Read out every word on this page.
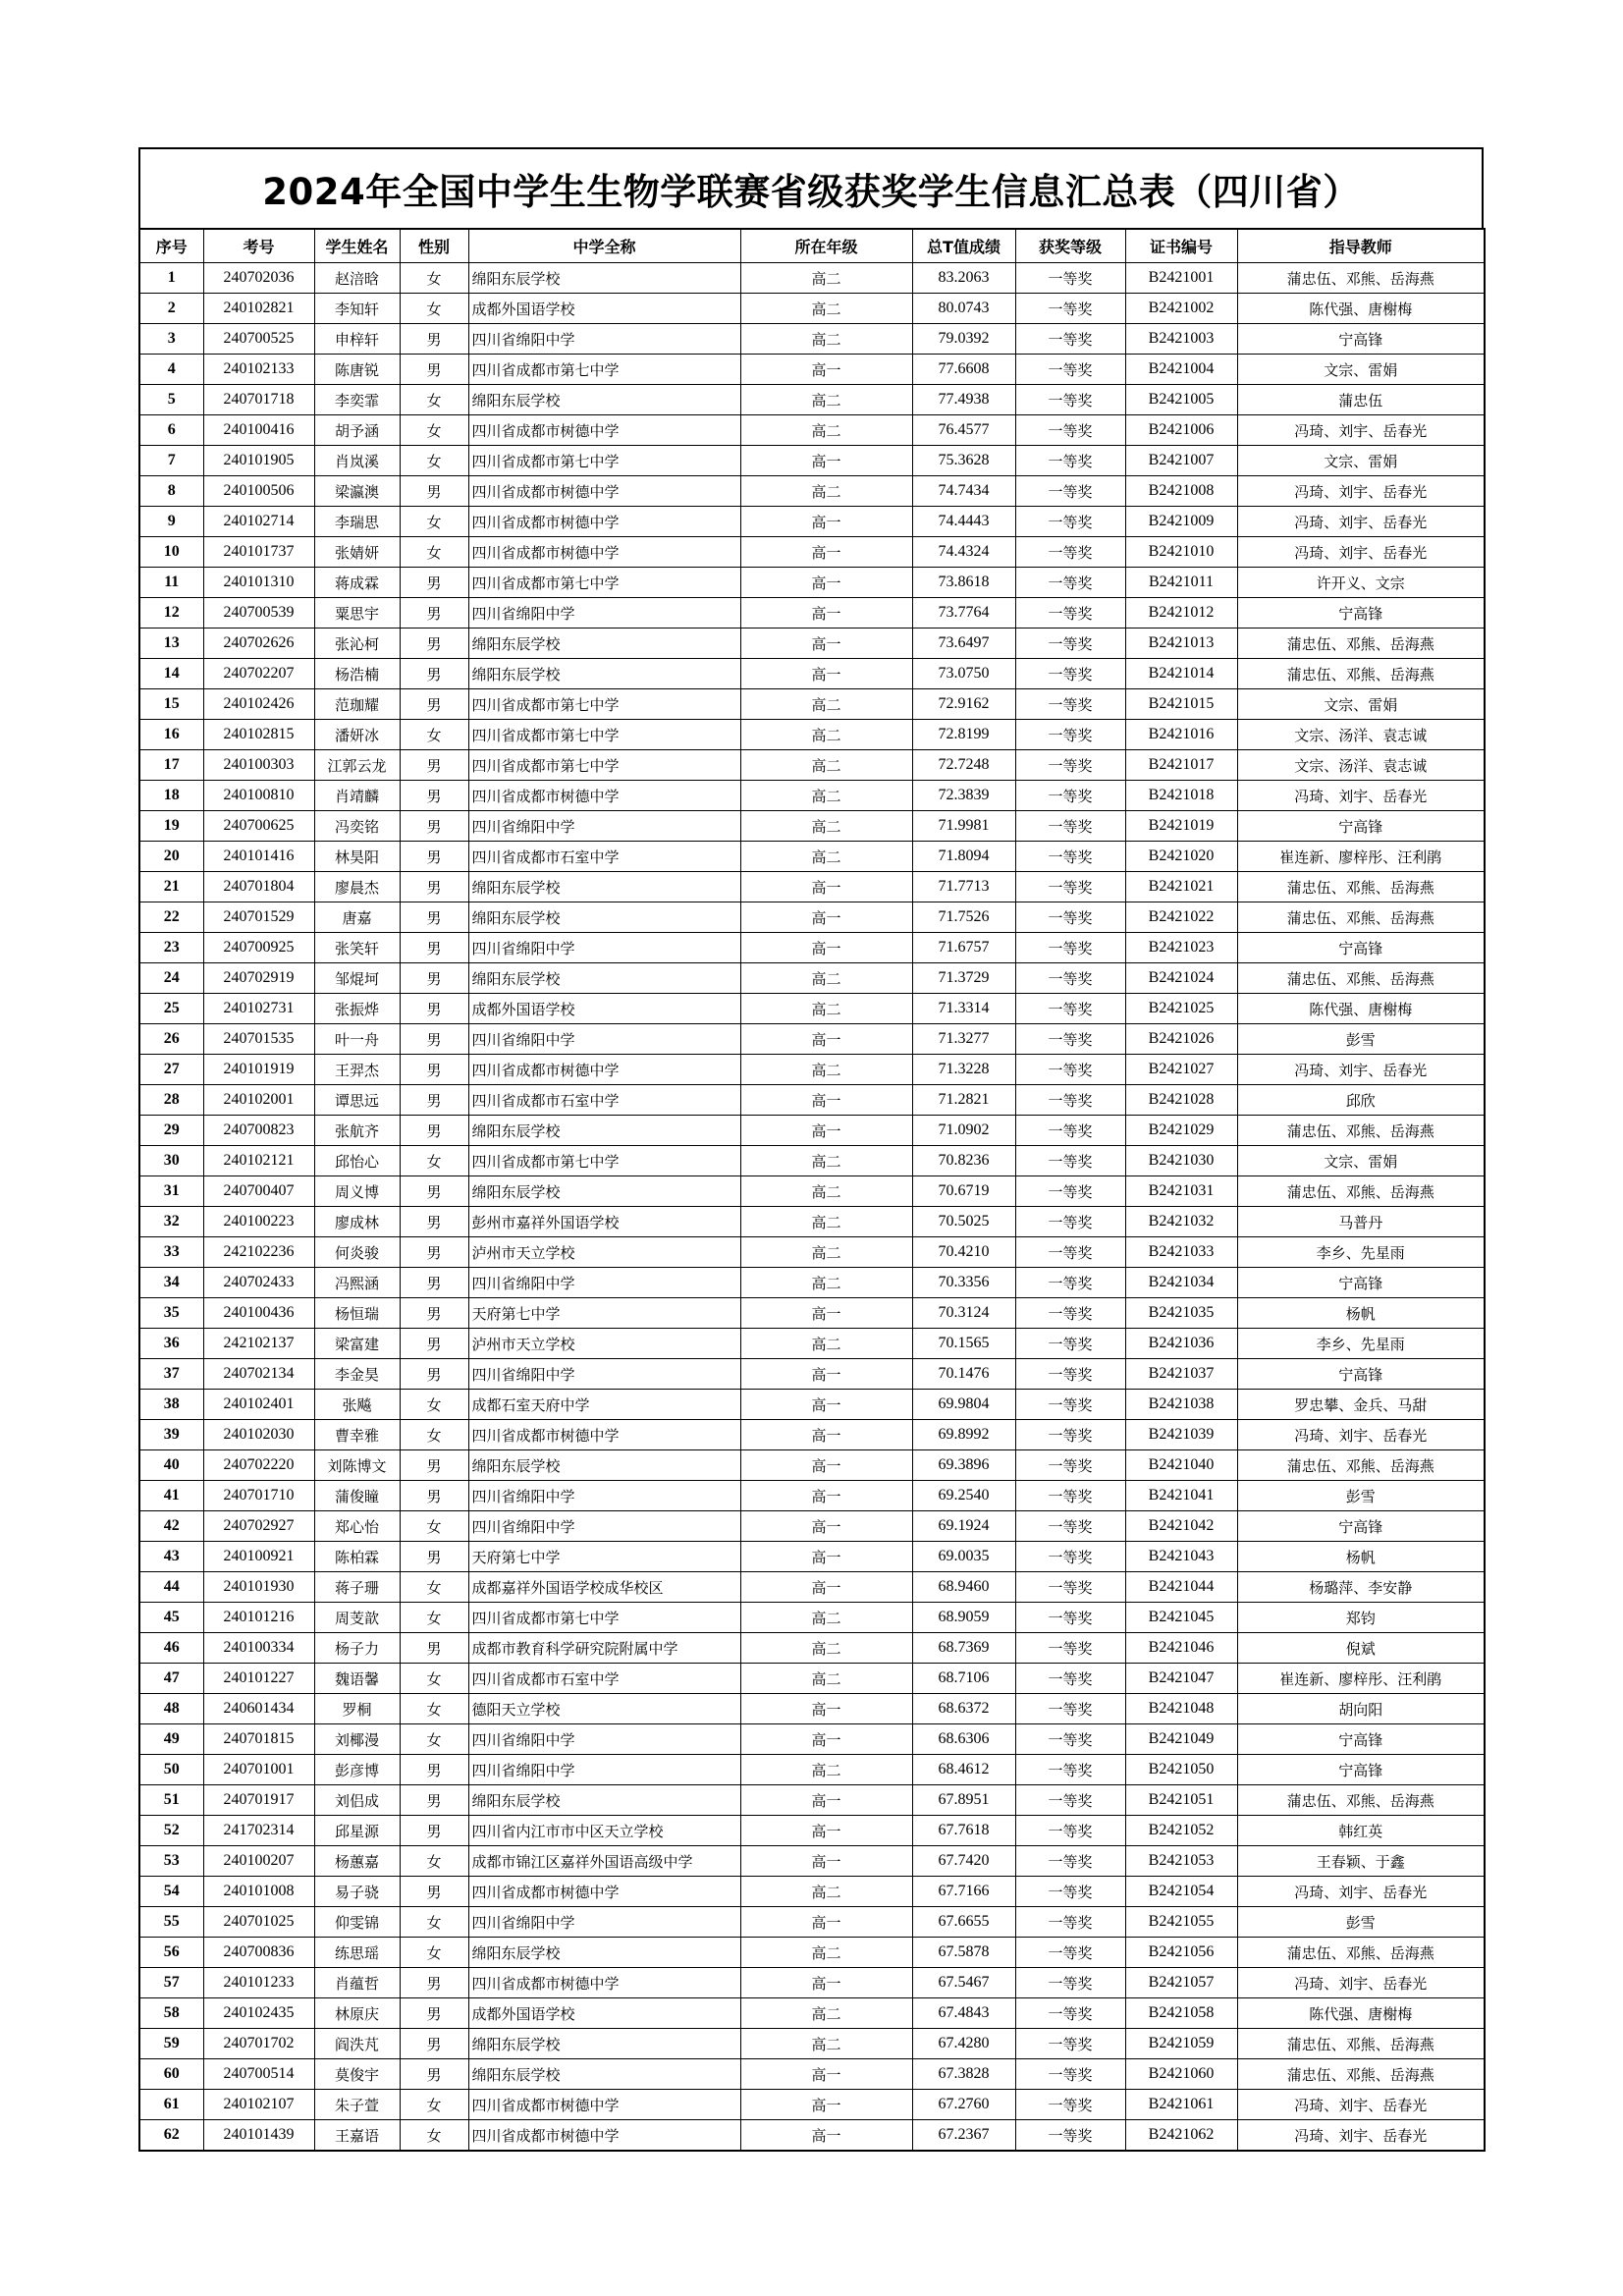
2024年全国中学生生物学联赛省级获奖学生信息汇总表（四川省）
序号	考号	学生姓名	性别	中学全称	所在年级	总T值成绩	获奖等级	证书编号	指导教师
1	240702036	赵涪晗	女	绵阳东辰学校	高二	83.2063	一等奖	B2421001	蒲忠伍、邓熊、岳海燕
2	240102821	李知轩	女	成都外国语学校	高二	80.0743	一等奖	B2421002	陈代强、唐榭梅
3	240700525	申梓轩	男	四川省绵阳中学	高二	79.0392	一等奖	B2421003	宁高锋
4	240102133	陈唐锐	男	四川省成都市第七中学	高一	77.6608	一等奖	B2421004	文宗、雷娟
5	240701718	李奕霏	女	绵阳东辰学校	高二	77.4938	一等奖	B2421005	蒲忠伍
6	240100416	胡予涵	女	四川省成都市树德中学	高二	76.4577	一等奖	B2421006	冯琦、刘宇、岳春光
7	240101905	肖岚溪	女	四川省成都市第七中学	高一	75.3628	一等奖	B2421007	文宗、雷娟
8	240100506	梁瀛澳	男	四川省成都市树德中学	高二	74.7434	一等奖	B2421008	冯琦、刘宇、岳春光
9	240102714	李瑞思	女	四川省成都市树德中学	高一	74.4443	一等奖	B2421009	冯琦、刘宇、岳春光
10	240101737	张婧妍	女	四川省成都市树德中学	高一	74.4324	一等奖	B2421010	冯琦、刘宇、岳春光
11	240101310	蒋成霖	男	四川省成都市第七中学	高一	73.8618	一等奖	B2421011	许开义、文宗
12	240700539	粟思宇	男	四川省绵阳中学	高一	73.7764	一等奖	B2421012	宁高锋
13	240702626	张沁柯	男	绵阳东辰学校	高一	73.6497	一等奖	B2421013	蒲忠伍、邓熊、岳海燕
14	240702207	杨浩楠	男	绵阳东辰学校	高一	73.0750	一等奖	B2421014	蒲忠伍、邓熊、岳海燕
15	240102426	范珈耀	男	四川省成都市第七中学	高二	72.9162	一等奖	B2421015	文宗、雷娟
16	240102815	潘妍冰	女	四川省成都市第七中学	高二	72.8199	一等奖	B2421016	文宗、汤洋、袁志诚
17	240100303	江郭云龙	男	四川省成都市第七中学	高二	72.7248	一等奖	B2421017	文宗、汤洋、袁志诚
18	240100810	肖靖麟	男	四川省成都市树德中学	高二	72.3839	一等奖	B2421018	冯琦、刘宇、岳春光
19	240700625	冯奕铭	男	四川省绵阳中学	高二	71.9981	一等奖	B2421019	宁高锋
20	240101416	林昊阳	男	四川省成都市石室中学	高二	71.8094	一等奖	B2421020	崔连新、廖梓彤、汪利鹃
21	240701804	廖晨杰	男	绵阳东辰学校	高一	71.7713	一等奖	B2421021	蒲忠伍、邓熊、岳海燕
22	240701529	唐嘉	男	绵阳东辰学校	高一	71.7526	一等奖	B2421022	蒲忠伍、邓熊、岳海燕
23	240700925	张笑轩	男	四川省绵阳中学	高一	71.6757	一等奖	B2421023	宁高锋
24	240702919	邹焜坷	男	绵阳东辰学校	高二	71.3729	一等奖	B2421024	蒲忠伍、邓熊、岳海燕
25	240102731	张振烨	男	成都外国语学校	高二	71.3314	一等奖	B2421025	陈代强、唐榭梅
26	240701535	叶一舟	男	四川省绵阳中学	高一	71.3277	一等奖	B2421026	彭雪
27	240101919	王羿杰	男	四川省成都市树德中学	高二	71.3228	一等奖	B2421027	冯琦、刘宇、岳春光
28	240102001	谭思远	男	四川省成都市石室中学	高一	71.2821	一等奖	B2421028	邱欣
29	240700823	张航齐	男	绵阳东辰学校	高一	71.0902	一等奖	B2421029	蒲忠伍、邓熊、岳海燕
30	240102121	邱怡心	女	四川省成都市第七中学	高二	70.8236	一等奖	B2421030	文宗、雷娟
31	240700407	周义博	男	绵阳东辰学校	高二	70.6719	一等奖	B2421031	蒲忠伍、邓熊、岳海燕
32	240100223	廖成林	男	彭州市嘉祥外国语学校	高二	70.5025	一等奖	B2421032	马普丹
33	242102236	何炎骏	男	泸州市天立学校	高二	70.4210	一等奖	B2421033	李乡、先星雨
34	240702433	冯熙涵	男	四川省绵阳中学	高二	70.3356	一等奖	B2421034	宁高锋
35	240100436	杨恒瑞	男	天府第七中学	高一	70.3124	一等奖	B2421035	杨帆
36	242102137	梁富建	男	泸州市天立学校	高二	70.1565	一等奖	B2421036	李乡、先星雨
37	240702134	李金昊	男	四川省绵阳中学	高一	70.1476	一等奖	B2421037	宁高锋
38	240102401	张飚	女	成都石室天府中学	高一	69.9804	一等奖	B2421038	罗忠攀、金兵、马甜
39	240102030	曹幸雅	女	四川省成都市树德中学	高一	69.8992	一等奖	B2421039	冯琦、刘宇、岳春光
40	240702220	刘陈博文	男	绵阳东辰学校	高一	69.3896	一等奖	B2421040	蒲忠伍、邓熊、岳海燕
41	240701710	蒲俊瞳	男	四川省绵阳中学	高一	69.2540	一等奖	B2421041	彭雪
42	240702927	郑心怡	女	四川省绵阳中学	高一	69.1924	一等奖	B2421042	宁高锋
43	240100921	陈柏霖	男	天府第七中学	高一	69.0035	一等奖	B2421043	杨帆
44	240101930	蒋子珊	女	成都嘉祥外国语学校成华校区	高一	68.9460	一等奖	B2421044	杨璐萍、李安静
45	240101216	周芰歆	女	四川省成都市第七中学	高二	68.9059	一等奖	B2421045	郑钧
46	240100334	杨子力	男	成都市教育科学研究院附属中学	高二	68.7369	一等奖	B2421046	倪斌
47	240101227	魏语馨	女	四川省成都市石室中学	高二	68.7106	一等奖	B2421047	崔连新、廖梓彤、汪利鹃
48	240601434	罗桐	女	德阳天立学校	高一	68.6372	一等奖	B2421048	胡向阳
49	240701815	刘椰漫	女	四川省绵阳中学	高一	68.6306	一等奖	B2421049	宁高锋
50	240701001	彭彦博	男	四川省绵阳中学	高二	68.4612	一等奖	B2421050	宁高锋
51	240701917	刘侣成	男	绵阳东辰学校	高一	67.8951	一等奖	B2421051	蒲忠伍、邓熊、岳海燕
52	241702314	邱星源	男	四川省内江市市中区天立学校	高一	67.7618	一等奖	B2421052	韩红英
53	240100207	杨蕙嘉	女	成都市锦江区嘉祥外国语高级中学	高一	67.7420	一等奖	B2421053	王春颖、于鑫
54	240101008	易子骁	男	四川省成都市树德中学	高二	67.7166	一等奖	B2421054	冯琦、刘宇、岳春光
55	240701025	仰雯锦	女	四川省绵阳中学	高一	67.6655	一等奖	B2421055	彭雪
56	240700836	练思瑶	女	绵阳东辰学校	高二	67.5878	一等奖	B2421056	蒲忠伍、邓熊、岳海燕
57	240101233	肖蕴哲	男	四川省成都市树德中学	高一	67.5467	一等奖	B2421057	冯琦、刘宇、岳春光
58	240102435	林原庆	男	成都外国语学校	高二	67.4843	一等奖	B2421058	陈代强、唐榭梅
59	240701702	阎泆芃	男	绵阳东辰学校	高二	67.4280	一等奖	B2421059	蒲忠伍、邓熊、岳海燕
60	240700514	莫俊宇	男	绵阳东辰学校	高一	67.3828	一等奖	B2421060	蒲忠伍、邓熊、岳海燕
61	240102107	朱子萱	女	四川省成都市树德中学	高一	67.2760	一等奖	B2421061	冯琦、刘宇、岳春光
62	240101439	王嘉语	女	四川省成都市树德中学	高一	67.2367	一等奖	B2421062	冯琦、刘宇、岳春光
